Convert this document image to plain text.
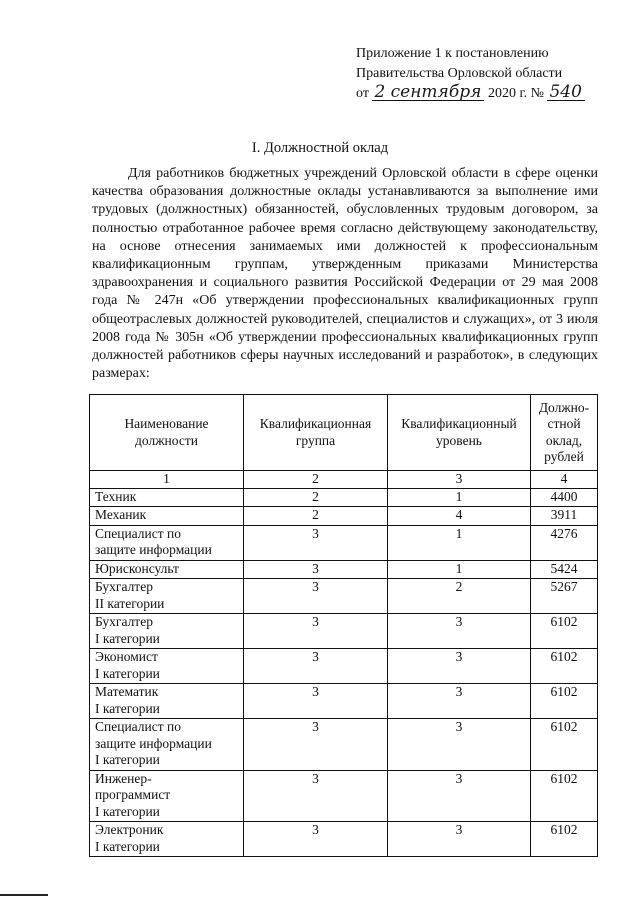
Приложение 1 к постановлению
Правительства Орловской области
от 2 сентября 2020 г. № 540
I. Должностной оклад

Для работников бюджетных учреждений Орловской области в сфере оценки качества образования должностные оклады устанавливаются за выполнение ими трудовых (должностных) обязанностей, обусловленных трудовым договором, за полностью отработанное рабочее время согласно действующему законодательству, на основе отнесения занимаемых ими должностей к профессиональным квалификационным группам, утвержденным приказами Министерства здравоохранения и социального развития Российской Федерации от 29 мая 2008 года № 247н «Об утверждении профессиональных квалификационных групп общеотраслевых должностей руководителей, специалистов и служащих», от 3 июля 2008 года № 305н «Об утверждении профессиональных квалификационных групп должностей работников сферы научных исследований и разработок», в следующих размерах:

Наименование должности	Квалификационная группа	Квалификационный уровень	Должно-стной оклад, рублей
1	2	3	4
Техник	2	1	4400
Механик	2	4	3911
Специалист по
защите информации	3	1	4276
Юрисконсульт	3	1	5424
Бухгалтер
II категории	3	2	5267
Бухгалтер
I категории	3	3	6102
Экономист
I категории	3	3	6102
Математик
I категории	3	3	6102
Специалист по
защите информации
I категории	3	3	6102
Инженер-
программист
I категории	3	3	6102
Электроник
I категории	3	3	6102
